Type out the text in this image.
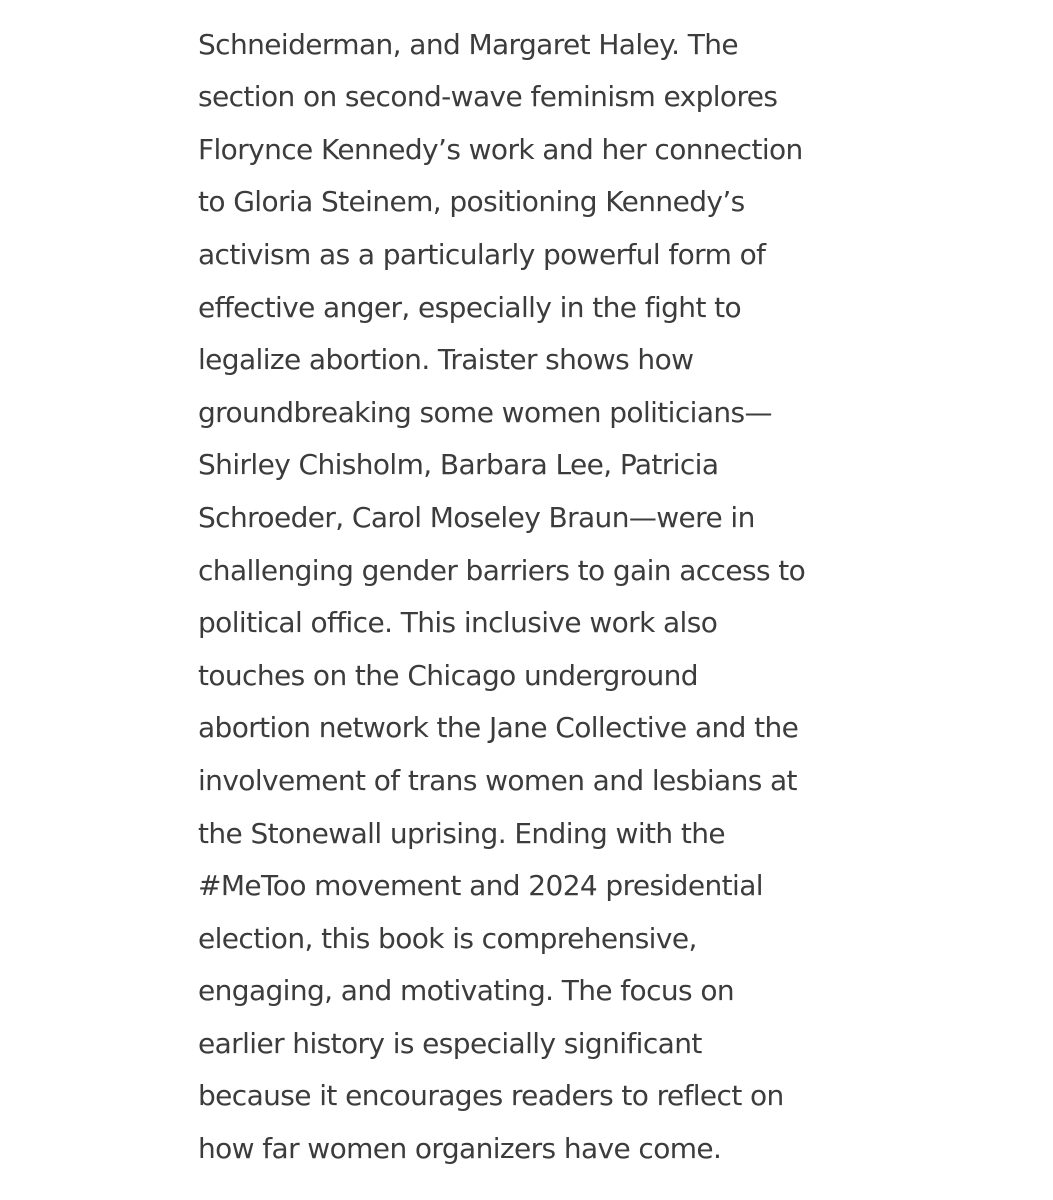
Schneiderman, and Margaret Haley. The
section on second-wave feminism explores
Florynce Kennedy’s work and her connection
to Gloria Steinem, positioning Kennedy’s
activism as a particularly powerful form of
effective anger, especially in the fight to
legalize abortion. Traister shows how
groundbreaking some women politicians—
Shirley Chisholm, Barbara Lee, Patricia
Schroeder, Carol Moseley Braun—were in
challenging gender barriers to gain access to
political office. This inclusive work also
touches on the Chicago underground
abortion network the Jane Collective and the
involvement of trans women and lesbians at
the Stonewall uprising. Ending with the
#MeToo movement and 2024 presidential
election, this book is comprehensive,
engaging, and motivating. The focus on
earlier history is especially significant
because it encourages readers to reflect on
how far women organizers have come.
